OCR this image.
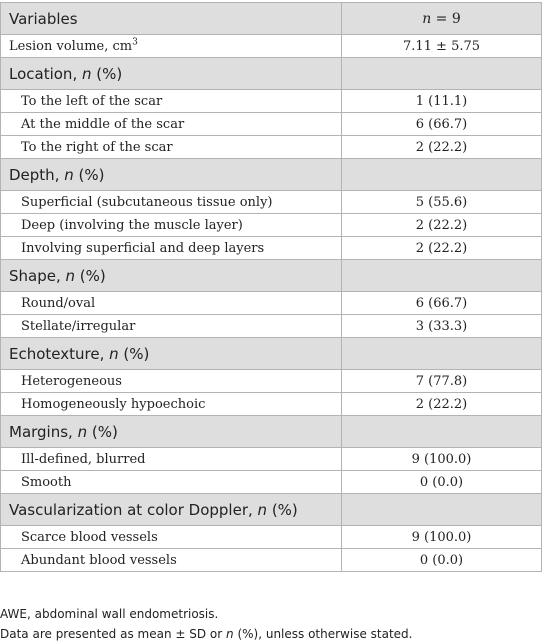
Variables	n = 9
Lesion volume, $cm^3$	7.11 ± 5.75
Location, n (%)	
To the left of the scar	1 (11.1)
At the middle of the scar	6 (66.7)
To the right of the scar	2 (22.2)
Depth, n (%)	
Superficial (subcutaneous tissue only)	5 (55.6)
Deep (involving the muscle layer)	2 (22.2)
Involving superficial and deep layers	2 (22.2)
Shape, n (%)	
Round/oval	6 (66.7)
Stellate/irregular	3 (33.3)
Echotexture, n (%)	
Heterogeneous	7 (77.8)
Homogeneously hypoechoic	2 (22.2)
Margins, n (%)	
Ill-defined, blurred	9 (100.0)
Smooth	0 (0.0)
Vascularization at color Doppler, n (%)	
Scarce blood vessels	9 (100.0)
Abundant blood vessels	0 (0.0)
AWE, abdominal wall endometriosis.
Data are presented as mean ± SD or n (%), unless otherwise stated.
